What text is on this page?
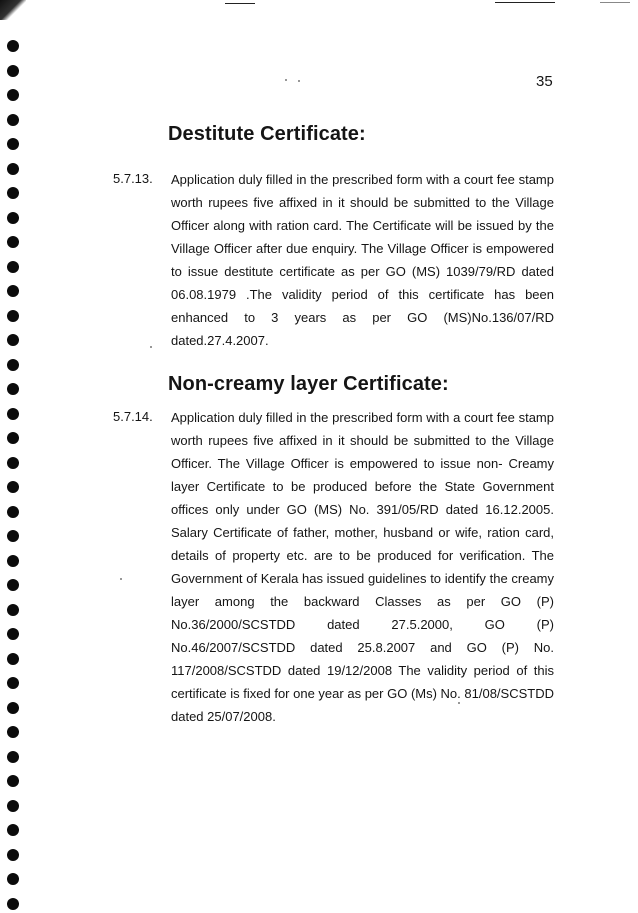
35
Destitute Certificate:
5.7.13. Application duly filled in the prescribed form with a court fee stamp worth rupees five affixed in it should be submitted to the Village Officer along with ration card. The Certificate will be issued by the Village Officer after due enquiry. The Village Officer is empowered to issue destitute certificate as per GO (MS) 1039/79/RD dated 06.08.1979 .The validity period of this certificate has been enhanced to 3 years as per GO (MS)No.136/07/RD dated.27.4.2007.
Non-creamy layer Certificate:
5.7.14. Application duly filled in the prescribed form with a court fee stamp worth rupees five affixed in it should be submitted to the Village Officer. The Village Officer is empowered to issue non- Creamy layer Certificate to be produced before the State Government offices only under GO (MS) No. 391/05/RD dated 16.12.2005. Salary Certificate of father, mother, husband or wife, ration card, details of property etc. are to be produced for verification. The Government of Kerala has issued guidelines to identify the creamy layer among the backward Classes as per GO (P) No.36/2000/SCSTDD dated 27.5.2000, GO (P) No.46/2007/SCSTDD dated 25.8.2007 and GO (P) No. 117/2008/SCSTDD dated 19/12/2008 The validity period of this certificate is fixed for one year as per GO (Ms) No. 81/08/SCSTDD dated 25/07/2008.
